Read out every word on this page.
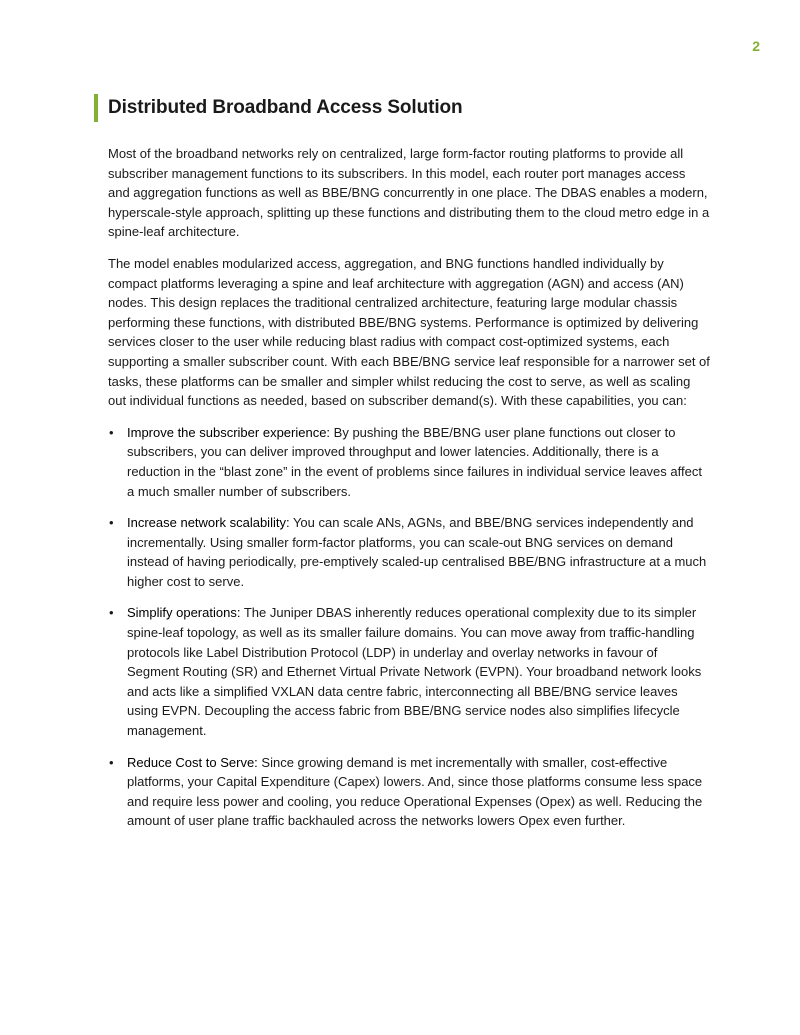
2
Distributed Broadband Access Solution

Most of the broadband networks rely on centralized, large form-factor routing platforms to provide all subscriber management functions to its subscribers. In this model, each router port manages access and aggregation functions as well as BBE/BNG concurrently in one place. The DBAS enables a modern, hyperscale-style approach, splitting up these functions and distributing them to the cloud metro edge in a spine-leaf architecture.

The model enables modularized access, aggregation, and BNG functions handled individually by compact platforms leveraging a spine and leaf architecture with aggregation (AGN) and access (AN) nodes. This design replaces the traditional centralized architecture, featuring large modular chassis performing these functions, with distributed BBE/BNG systems. Performance is optimized by delivering services closer to the user while reducing blast radius with compact cost-optimized systems, each supporting a smaller subscriber count. With each BBE/BNG service leaf responsible for a narrower set of tasks, these platforms can be smaller and simpler whilst reducing the cost to serve, as well as scaling out individual functions as needed, based on subscriber demand(s). With these capabilities, you can:

• Improve the subscriber experience: By pushing the BBE/BNG user plane functions out closer to subscribers, you can deliver improved throughput and lower latencies. Additionally, there is a reduction in the “blast zone” in the event of problems since failures in individual service leaves affect a much smaller number of subscribers.
• Increase network scalability: You can scale ANs, AGNs, and BBE/BNG services independently and incrementally. Using smaller form-factor platforms, you can scale-out BNG services on demand instead of having periodically, pre-emptively scaled-up centralised BBE/BNG infrastructure at a much higher cost to serve.
• Simplify operations: The Juniper DBAS inherently reduces operational complexity due to its simpler spine-leaf topology, as well as its smaller failure domains. You can move away from traffic-handling protocols like Label Distribution Protocol (LDP) in underlay and overlay networks in favour of Segment Routing (SR) and Ethernet Virtual Private Network (EVPN). Your broadband network looks and acts like a simplified VXLAN data centre fabric, interconnecting all BBE/BNG service leaves using EVPN. Decoupling the access fabric from BBE/BNG service nodes also simplifies lifecycle management.
• Reduce Cost to Serve: Since growing demand is met incrementally with smaller, cost-effective platforms, your Capital Expenditure (Capex) lowers. And, since those platforms consume less space and require less power and cooling, you reduce Operational Expenses (Opex) as well. Reducing the amount of user plane traffic backhauled across the networks lowers Opex even further.
